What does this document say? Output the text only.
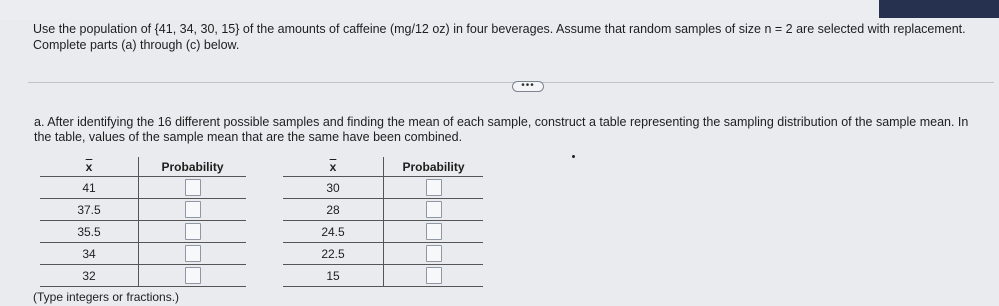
Use the population of {41, 34, 30, 15} of the amounts of caffeine (mg/12 oz) in four beverages. Assume that random samples of size n = 2 are selected with replacement.
Complete parts (a) through (c) below.
•••
a. After identifying the 16 different possible samples and finding the mean of each sample, construct a table representing the sampling distribution of the sample mean. In the table, values of the sample mean that are the same have been combined.
$\overline{x}$	Probability
41	
37.5	
35.5	
34	
32	
$\overline{x}$	Probability
30	
28	
24.5	
22.5	
15	
(Type integers or fractions.)
